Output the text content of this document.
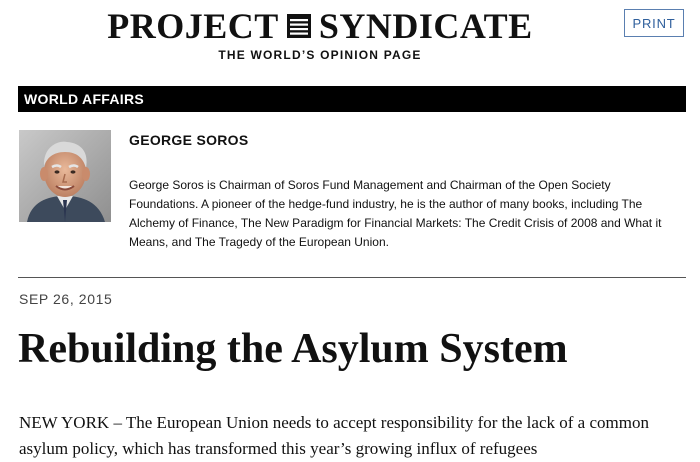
PROJECT SYNDICATE
THE WORLD’S OPINION PAGE
PRINT
WORLD AFFAIRS
GEORGE SOROS
George Soros is Chairman of Soros Fund Management and Chairman of the Open Society Foundations. A pioneer of the hedge-fund industry, he is the author of many books, including The Alchemy of Finance, The New Paradigm for Financial Markets: The Credit Crisis of 2008 and What it Means, and The Tragedy of the European Union.
SEP 26, 2015
Rebuilding the Asylum System

NEW YORK – The European Union needs to accept responsibility for the lack of a common asylum policy, which has transformed this year’s growing influx of refugees
